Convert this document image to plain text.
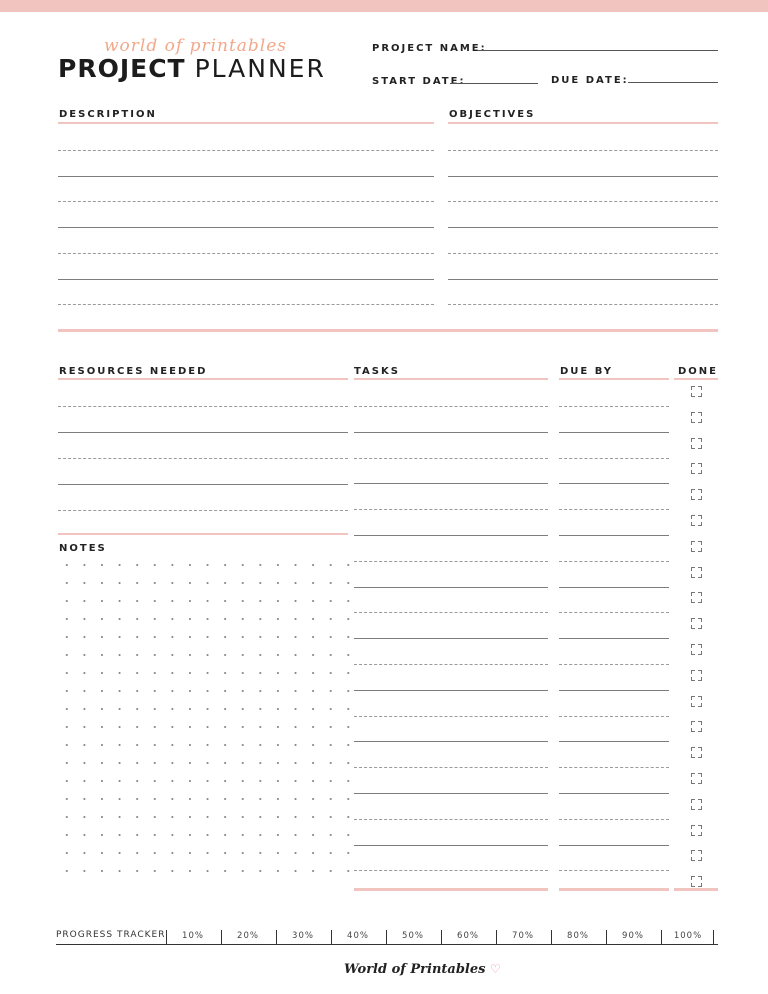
world of printables
PROJECT PLANNER
PROJECT NAME:
START DATE:	DUE DATE:
DESCRIPTION	OBJECTIVES
RESOURCES NEEDED	TASKS	DUE BY	DONE
NOTES
PROGRESS TRACKER	10%	20%	30%	40%	50%	60%	70%	80%	90%	100%
World of Printables ♡
